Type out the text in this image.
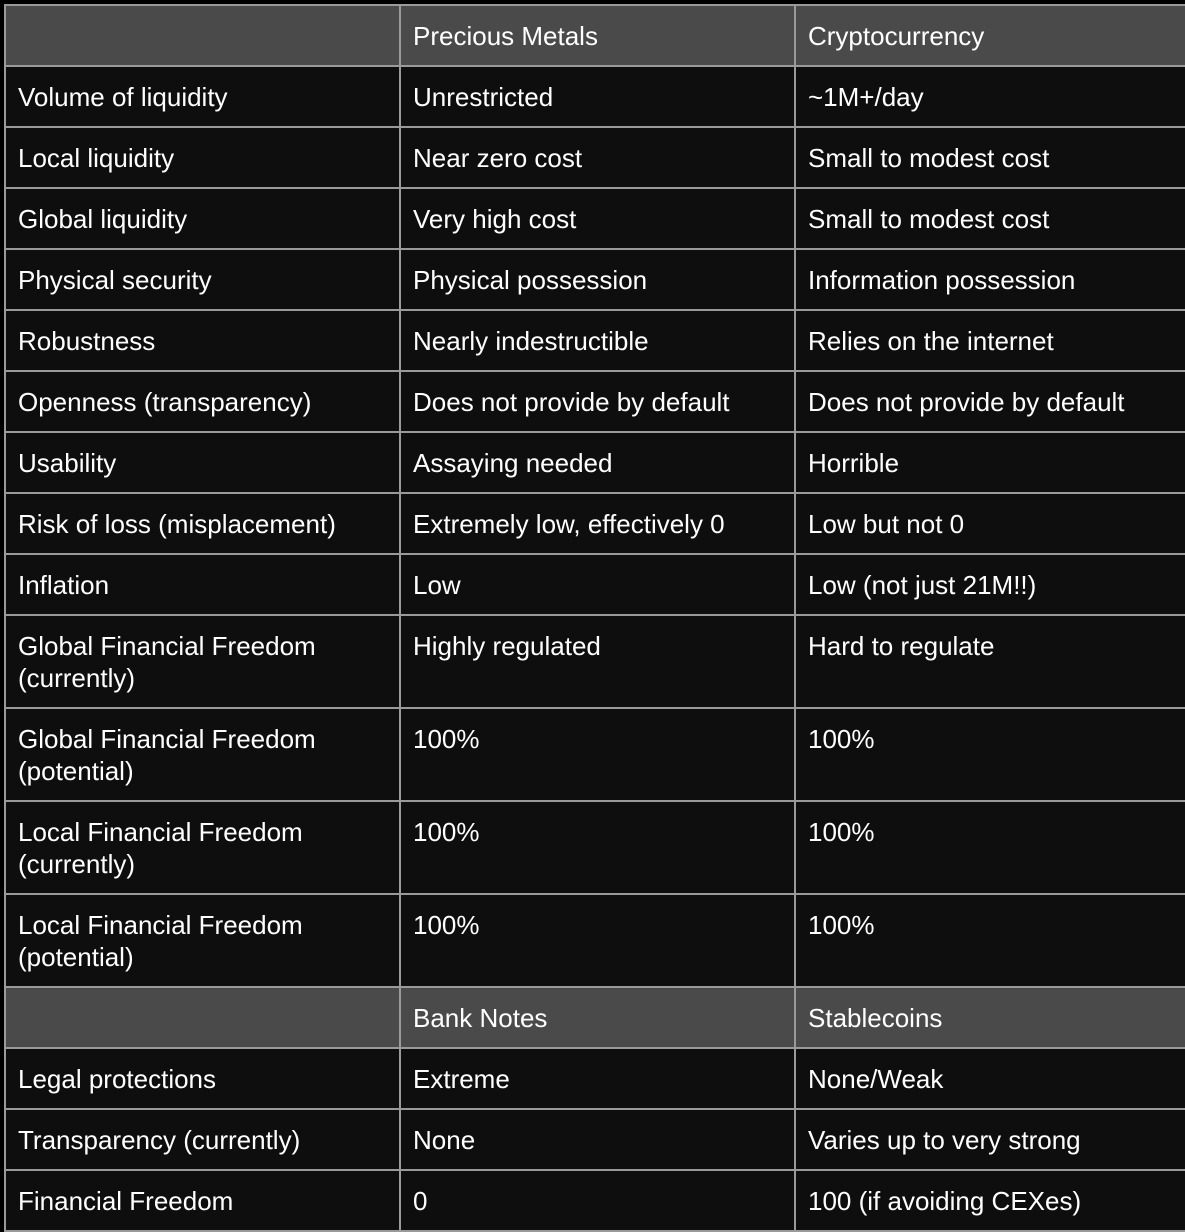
	Precious Metals	Cryptocurrency
Volume of liquidity	Unrestricted	~1M+/day
Local liquidity	Near zero cost	Small to modest cost
Global liquidity	Very high cost	Small to modest cost
Physical security	Physical possession	Information possession
Robustness	Nearly indestructible	Relies on the internet
Openness (transparency)	Does not provide by default	Does not provide by default
Usability	Assaying needed	Horrible
Risk of loss (misplacement)	Extremely low, effectively 0	Low but not 0
Inflation	Low	Low (not just 21M!!)
Global Financial Freedom (currently)	Highly regulated	Hard to regulate
Global Financial Freedom (potential)	100%	100%
Local Financial Freedom (currently)	100%	100%
Local Financial Freedom (potential)	100%	100%
	Bank Notes	Stablecoins
Legal protections	Extreme	None/Weak
Transparency (currently)	None	Varies up to very strong
Financial Freedom	0	100 (if avoiding CEXes)
